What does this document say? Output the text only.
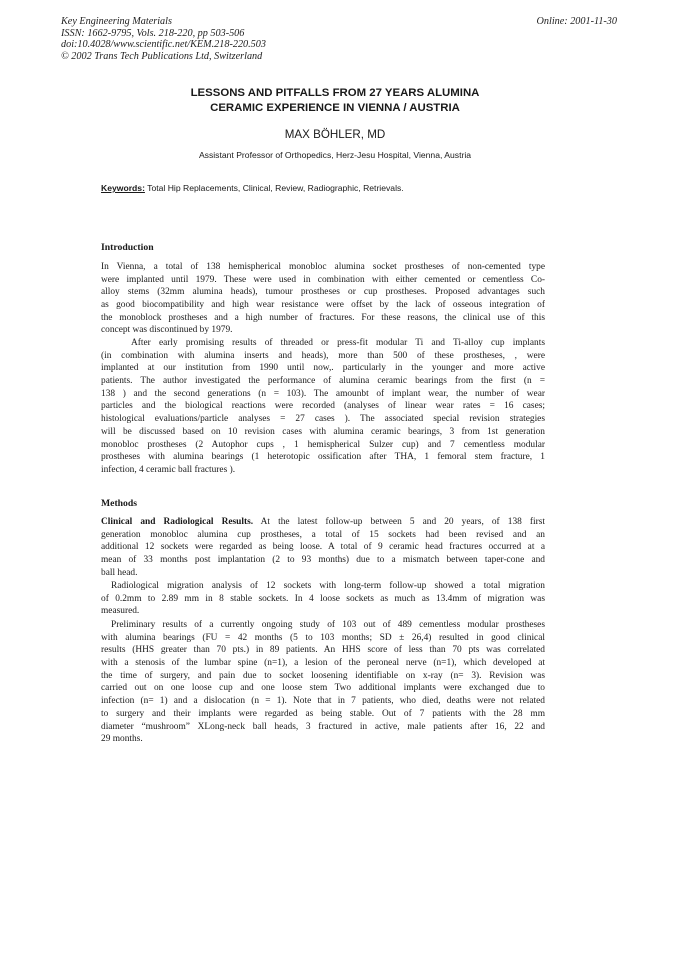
Key Engineering Materials
ISSN: 1662-9795, Vols. 218-220, pp 503-506
doi:10.4028/www.scientific.net/KEM.218-220.503
© 2002 Trans Tech Publications Ltd, Switzerland
Online: 2001-11-30
LESSONS AND PITFALLS FROM 27 YEARS ALUMINA
CERAMIC EXPERIENCE IN VIENNA / AUSTRIA
MAX BÖHLER, MD
Assistant Professor of Orthopedics, Herz-Jesu Hospital, Vienna, Austria
Keywords: Total Hip Replacements, Clinical, Review, Radiographic, Retrievals.
Introduction
In Vienna, a total of 138 hemispherical monobloc alumina socket prostheses of non-cemented type
were implanted until 1979. These were used in combination with either cemented or cementless Co-
alloy stems (32mm alumina heads), tumour prostheses or cup prostheses. Proposed advantages such
as good biocompatibility and high wear resistance were offset by the lack of osseous integration of
the monoblock prostheses and a high number of fractures. For these reasons, the clinical use of this
concept was discontinued by 1979.
After early promising results of threaded or press-fit modular Ti and Ti-alloy cup implants
(in combination with alumina inserts and heads), more than 500 of these prostheses, , were
implanted at our institution from 1990 until now,. particularly in the younger and more active
patients. The author investigated the performance of alumina ceramic bearings from the first (n =
138 ) and the second generations (n = 103). The amounbt of implant wear, the number of wear
particles and the biological reactions were recorded (analyses of linear wear rates = 16 cases;
histological evaluations/particle analyses = 27 cases ). The associated special revision strategies
will be discussed based on 10 revision cases with alumina ceramic bearings, 3 from 1st generation
monobloc prostheses (2 Autophor cups , 1 hemispherical Sulzer cup) and 7 cementless modular
prostheses with alumina bearings (1 heterotopic ossification after THA, 1 femoral stem fracture, 1
infection, 4 ceramic ball fractures ).
Methods
Clinical and Radiological Results. At the latest follow-up between 5 and 20 years, of 138 first
generation monobloc alumina cup prostheses, a total of 15 sockets had been revised and an
additional 12 sockets were regarded as being loose. A total of 9 ceramic head fractures occurred at a
mean of 33 months post implantation (2 to 93 months) due to a mismatch between taper-cone and
ball head.
Radiological migration analysis of 12 sockets with long-term follow-up showed a total migration
of 0.2mm to 2.89 mm in 8 stable sockets. In 4 loose sockets as much as 13.4mm of migration was
measured.
Preliminary results of a currently ongoing study of 103 out of 489 cementless modular prostheses
with alumina bearings (FU = 42 months (5 to 103 months; SD ± 26,4) resulted in good clinical
results (HHS greater than 70 pts.) in 89 patients. An HHS score of less than 70 pts was correlated
with a stenosis of the lumbar spine (n=1), a lesion of the peroneal nerve (n=1), which developed at
the time of surgery, and pain due to socket loosening identifiable on x-ray (n= 3). Revision was
carried out on one loose cup and one loose stem Two additional implants were exchanged due to
infection (n= 1) and a dislocation (n = 1). Note that in 7 patients, who died, deaths were not related
to surgery and their implants were regarded as being stable. Out of 7 patients with the 28 mm
diameter “mushroom” XLong-neck ball heads, 3 fractured in active, male patients after 16, 22 and
29 months.
